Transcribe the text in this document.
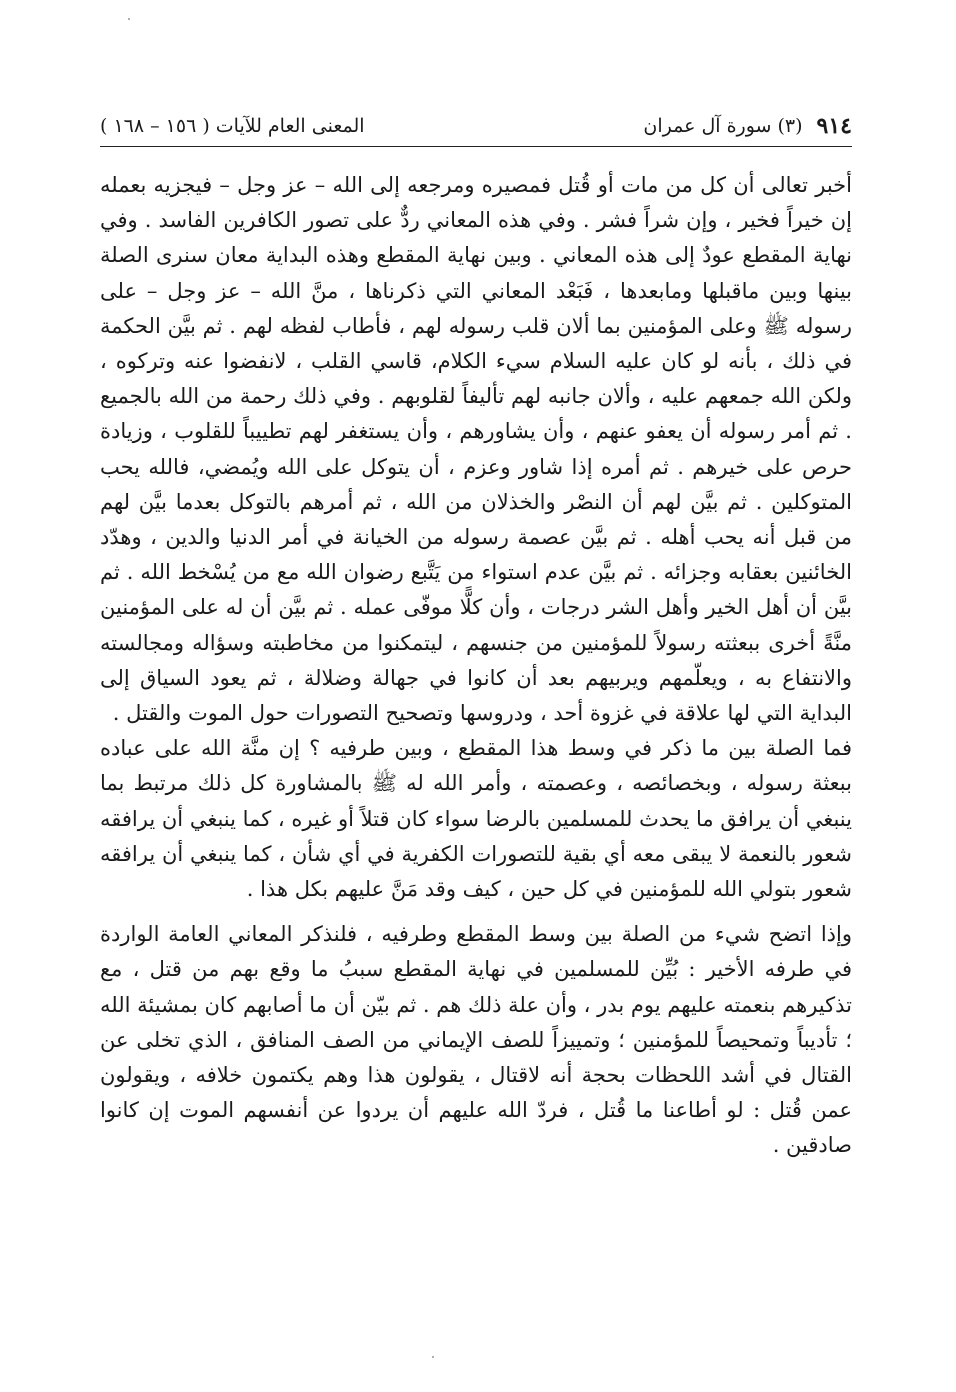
٩١٤
(٣) سورة آل عمران
المعنى العام للآيات ( ١٥٦ – ١٦٨ )

أخبر تعالى أن كل من مات أو قُتل فمصيره ومرجعه إلى الله – عز وجل – فيجزيه بعمله إن خيراً فخير ، وإن شراً فشر . وفي هذه المعاني ردٌّ على تصور الكافرين الفاسد . وفي نهاية المقطع عودٌ إلى هذه المعاني . وبين نهاية المقطع وهذه البداية معان سنرى الصلة بينها وبين ماقبلها ومابعدها ، فَبَعْد المعاني التي ذكرناها ، منَّ الله – عز وجل – على رسوله ﷺ وعلى المؤمنين بما ألان قلب رسوله لهم ، فأطاب لفظه لهم . ثم بيَّن الحكمة في ذلك ، بأنه لو كان عليه السلام سيء الكلام، قاسي القلب ، لانفضوا عنه وتركوه ، ولكن الله جمعهم عليه ، وألان جانبه لهم تأليفاً لقلوبهم . وفي ذلك رحمة من الله بالجميع . ثم أمر رسوله أن يعفو عنهم ، وأن يشاورهم ، وأن يستغفر لهم تطييباً للقلوب ، وزيادة حرص على خيرهم . ثم أمره إذا شاور وعزم ، أن يتوكل على الله ويُمضي، فالله يحب المتوكلين . ثم بيَّن لهم أن النصْر والخذلان من الله ، ثم أمرهم بالتوكل بعدما بيَّن لهم من قبل أنه يحب أهله . ثم بيَّن عصمة رسوله من الخيانة في أمر الدنيا والدين ، وهدّد الخائنين بعقابه وجزائه . ثم بيَّن عدم استواء من يَتَّبع رضوان الله مع من يُسْخط الله . ثم بيَّن أن أهل الخير وأهل الشر درجات ، وأن كلًّا موفّى عمله . ثم بيَّن أن له على المؤمنين منَّةً أخرى ببعثته رسولاً للمؤمنين من جنسهم ، ليتمكنوا من مخاطبته وسؤاله ومجالسته والانتفاع به ، ويعلّمهم ويربيهم بعد أن كانوا في جهالة وضلالة ، ثم يعود السياق إلى البداية التي لها علاقة في غزوة أحد ، ودروسها وتصحيح التصورات حول الموت والقتل .

فما الصلة بين ما ذكر في وسط هذا المقطع ، وبين طرفيه ؟ إن منَّة الله على عباده ببعثة رسوله ، وبخصائصه ، وعصمته ، وأمر الله له ﷺ بالمشاورة كل ذلك مرتبط بما ينبغي أن يرافق ما يحدث للمسلمين بالرضا سواء كان قتلاً أو غيره ، كما ينبغي أن يرافقه شعور بالنعمة لا يبقى معه أي بقية للتصورات الكفرية في أي شأن ، كما ينبغي أن يرافقه شعور بتولي الله للمؤمنين في كل حين ، كيف وقد مَنَّ عليهم بكل هذا .

وإذا اتضح شيء من الصلة بين وسط المقطع وطرفيه ، فلنذكر المعاني العامة الواردة في طرفه الأخير : بُيِّن للمسلمين في نهاية المقطع سببُ ما وقع بهم من قتل ، مع تذكيرهم بنعمته عليهم يوم بدر ، وأن علة ذلك هم . ثم بيّن أن ما أصابهم كان بمشيئة الله ؛ تأديباً وتمحيصاً للمؤمنين ؛ وتمييزاً للصف الإيماني من الصف المنافق ، الذي تخلى عن القتال في أشد اللحظات بحجة أنه لاقتال ، يقولون هذا وهم يكتمون خلافه ، ويقولون عمن قُتل : لو أطاعنا ما قُتل ، فردّ الله عليهم أن يردوا عن أنفسهم الموت إن كانوا صادقين .
